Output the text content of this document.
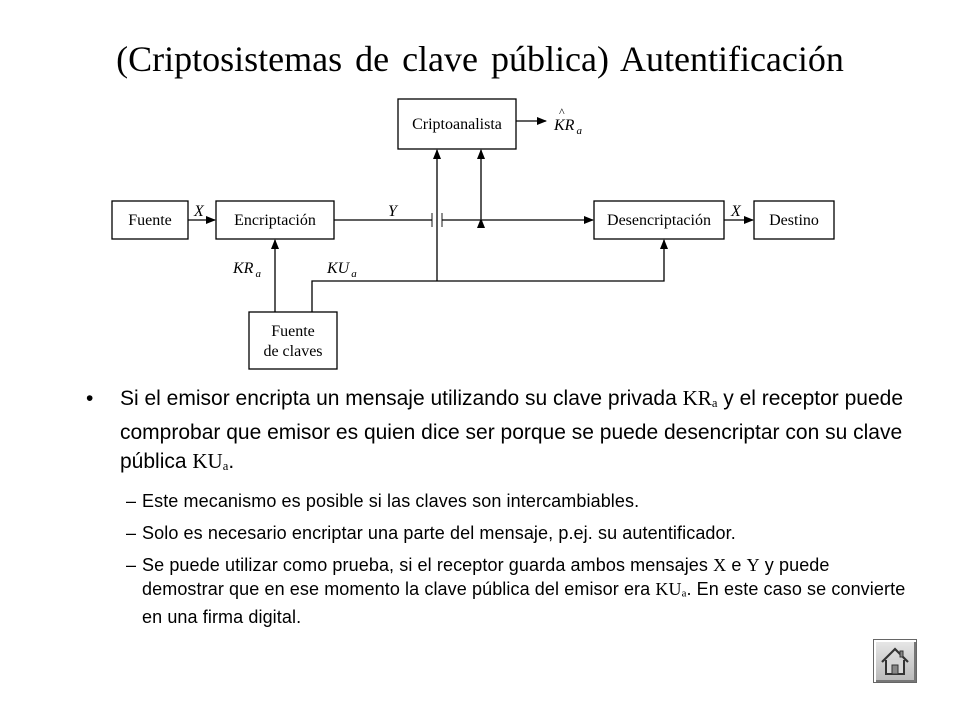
(Criptosistemas de clave pública) Autentificación
Fuente	Encriptación
Criptoanalista
Desencriptación	Destino
Fuente
de claves
X	Y	X
KR $_a$	KU $_a$
^
KR $_a$
• Si el emisor encripta un mensaje utilizando su clave privada KRa y el receptor puede comprobar que emisor es quien dice ser porque se puede desencriptar con su clave pública KUa.
– Este mecanismo es posible si las claves son intercambiables.
– Solo es necesario encriptar una parte del mensaje, p.ej. su autentificador.
– Se puede utilizar como prueba, si el receptor guarda ambos mensajes X e Y y puede demostrar que en ese momento la clave pública del emisor era KUa. En este caso se convierte en una firma digital.
